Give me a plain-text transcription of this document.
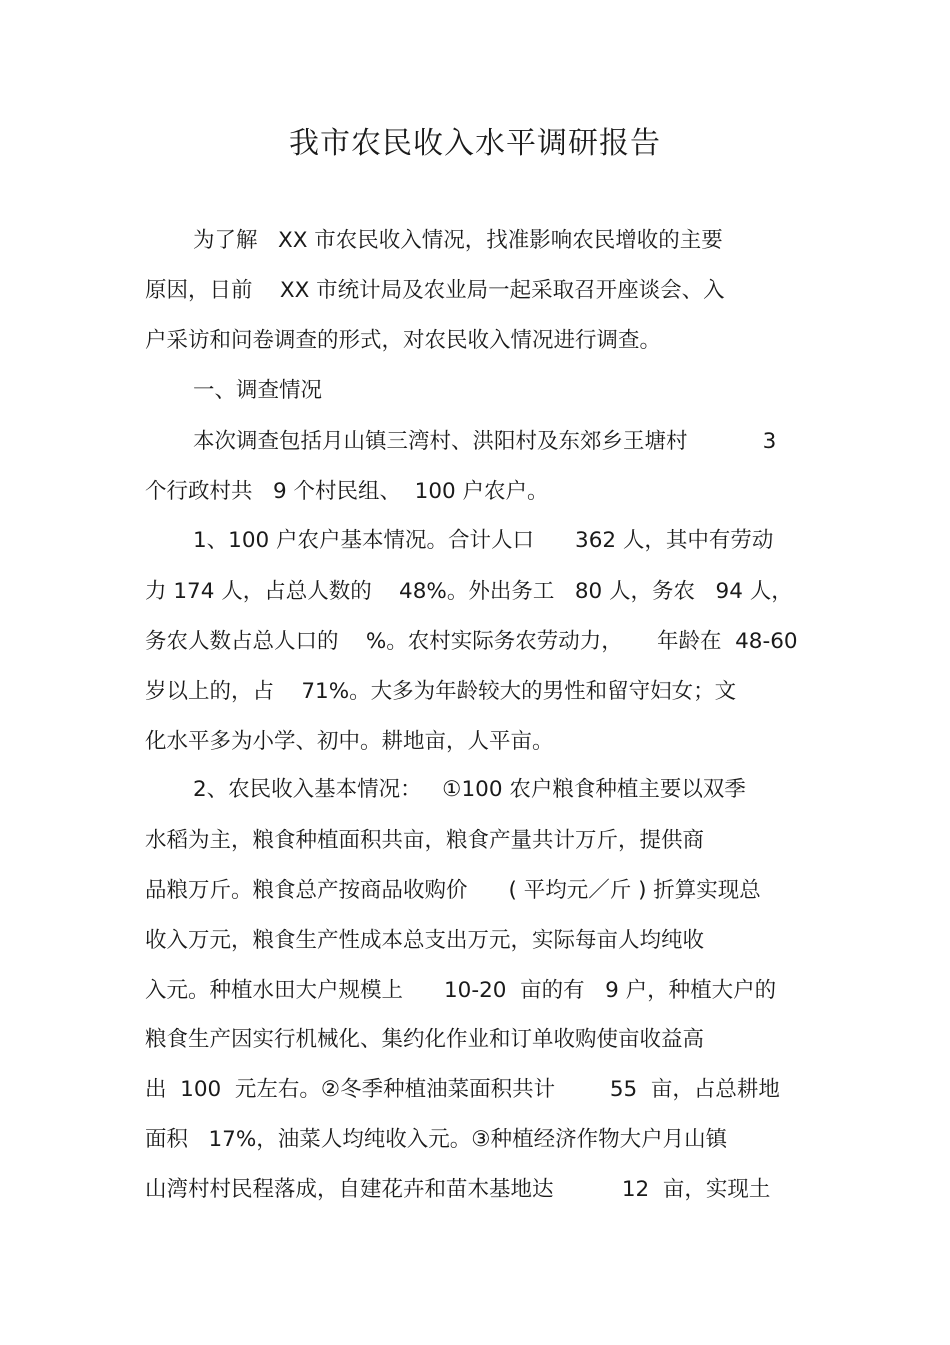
我市农民收入水平调研报告

为了解   XX 市农民收入情况，找准影响农民增收的主要

原因，日前    XX 市统计局及农业局一起采取召开座谈会、入

户采访和问卷调查的形式，对农民收入情况进行调查。

一、调查情况

本次调查包括月山镇三湾村、洪阳村及东郊乡王塘村           3

个行政村共   9 个村民组、  100 户农户。

1、100 户农户基本情况。合计人口      362 人，其中有劳动

力 174 人，占总人数的    48%。外出务工   80 人，务农   94 人，

务农人数占总人口的    %。农村实际务农劳动力，     年龄在  48-60

岁以上的，占    71%。大多为年龄较大的男性和留守妇女；文

化水平多为小学、初中。耕地亩，人平亩。

2、农民收入基本情况：   ①100 农户粮食种植主要以双季

水稻为主，粮食种植面积共亩，粮食产量共计万斤，提供商

品粮万斤。粮食总产按商品收购价      ( 平均元／斤 ) 折算实现总

收入万元，粮食生产性成本总支出万元，实际每亩人均纯收

入元。种植水田大户规模上      10-20  亩的有   9 户，种植大户的

粮食生产因实行机械化、集约化作业和订单收购使亩收益高

出  100  元左右。②冬季种植油菜面积共计        55  亩，占总耕地

面积   17%，油菜人均纯收入元。③种植经济作物大户月山镇

山湾村村民程落成，自建花卉和苗木基地达          12  亩，实现土
